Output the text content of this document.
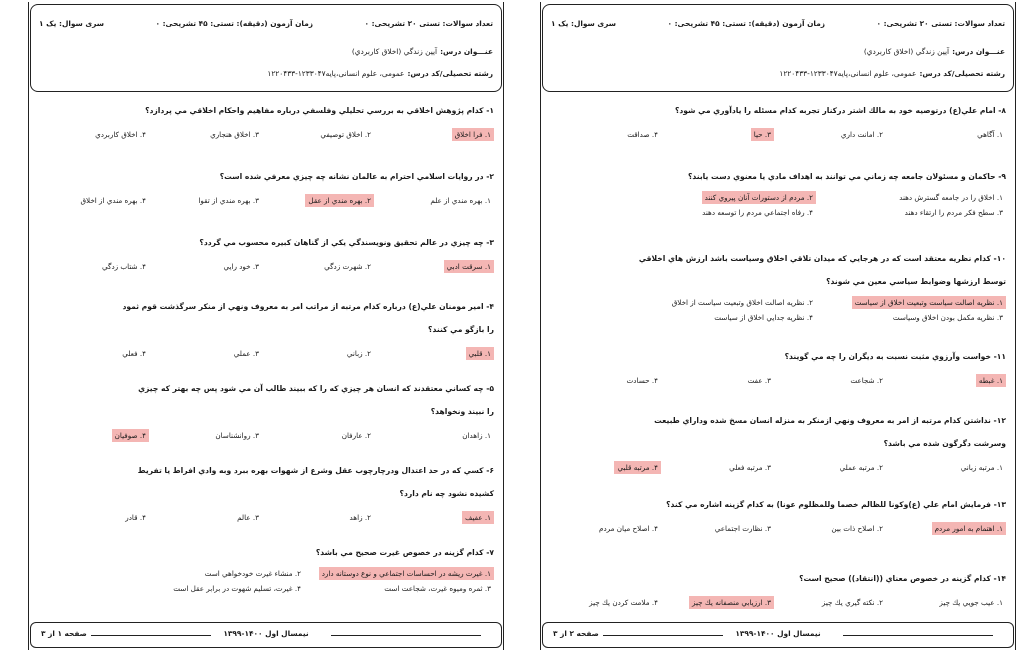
تعداد سوالات: تستی ۲۰ تشریحی: ۰
زمان آزمون (دقیقه): تستی: ۴۵ تشریحی: ۰
سری سوال: یک ۱
عنـــوان درس:
آيين زندگي (اخلاق كاربردي)
رشته تحصیلی/کد درس:
عمومی، علوم انسانی،پایه۱۲۳۳۰۴۷-۱۲۲۰۴۳۳
۱- كدام پژوهش اخلاقي به بررسي تحليلي وفلسفي درباره مفاهيم واحكام اخلاقي مي پردازد؟
۱. فرا اخلاق
۲. اخلاق توصيفي
۳. اخلاق هنجاري
۴. اخلاق كاربردي
۲- در روايات اسلامي احترام به عالمان نشانه چه چيزي معرفي شده است؟
۱. بهره مندي از علم
۲. بهره مندي از عقل
۳. بهره مندي از تقوا
۴. بهره مندي از اخلاق
۳- چه چيزي در عالم تحقيق ونويسندگي يكي از گناهان كبيره محسوب مي گردد؟
۱. سرقت ادبي
۲. شهرت زدگي
۳. خود رايي
۴. شتاب زدگي
۴- امير مومنان علي(ع) درباره كدام مرتبه از مراتب امر به معروف ونهي از منكر سرگذشت قوم ثمود
را بازگو مي كنند؟
۱. قلبي
۲. زباني
۳. عملي
۴. فعلي
۵- چه كساني معتقدند كه انسان هر چيزي كه را كه ببيند طالب آن مي شود پس چه بهتر كه چيزي
را نبيند ونخواهد؟
۱. زاهدان
۲. عارفان
۳. روانشناسان
۴. صوفيان
۶- كسي كه در حد اعتدال ودرچارچوب عقل وشرع از شهوات بهره ببرد وبه وادي افراط يا تفريط
كشيده نشود چه نام دارد؟
۱. عفيف
۲. زاهد
۳. عالم
۴. قادر
۷- كدام گزينه در خصوص غيرت صحيح مي باشد؟
۱. غيرت ريشه در احساسات اجتماعي و نوع دوستانه دارد
۲. منشاء غيرت خودخواهي است
۳. ثمره وميوه غيرت، شجاعت است
۴. غيرت، تسليم شهوت در برابر عقل است
نیمسال اول ۱۴۰۰-۱۳۹۹
صفحه ۱ از ۳
تعداد سوالات: تستی ۲۰ تشریحی: ۰
زمان آزمون (دقیقه): تستی: ۴۵ تشریحی: ۰
سری سوال: یک ۱
عنـــوان درس:
آيين زندگي (اخلاق كاربردي)
رشته تحصیلی/کد درس:
عمومی، علوم انسانی،پایه۱۲۳۳۰۴۷-۱۲۲۰۴۳۳
۸- امام علي(ع) درتوصيه خود به مالك اشتر دركنار تجربه كدام مسئله را يادآوري مي شود؟
۱. آگاهي
۲. امانت داري
۳. حيا
۴. صداقت
۹- حاكمان و مسئولان جامعه چه زماني مي توانند به اهداف مادي يا معنوي دست يابند؟
۱. اخلاق را در جامعه گسترش دهند
۲. مردم از دستورات آنان پيروي كنند
۳. سطح فكر مردم را ارتقاء دهند
۴. رفاه اجتماعي مردم را توسعه دهند
۱۰- كدام نظريه معتقد است كه در هرجايي كه ميدان تلاقي اخلاق وسياست باشد ارزش هاي اخلاقي
توسط ارزشها وضوابط سياسي معين مي شوند؟
۱. نظريه اصالت سياست وتبعيت اخلاق از سياست
۲. نظريه اصالت اخلاق وتبعيت سياست از اخلاق
۳. نظريه مكمل بودن اخلاق وسياست
۴. نظريه جدايي اخلاق از سياست
۱۱- خواست وآرزوي مثبت نسبت به ديگران را چه مي گويند؟
۱. غبطه
۲. شجاعت
۳. عفت
۴. حسادت
۱۲- نداشتن كدام مرتبه از امر به معروف ونهي ازمنكر به منزله انسان مسخ شده وداراي طبيعت
وسرشت دگرگون شده مي باشد؟
۱. مرتبه زباني
۲. مرتبه عملي
۳. مرتبه فعلي
۴. مرتبه قلبي
۱۳- فرمايش امام علي (ع)وكونا للظالم خصما وللمظلوم عونا) به كدام گزينه اشاره مي كند؟
۱. اهتمام به امور مردم
۲. اصلاح ذات بين
۳. نظارت اجتماعي
۴. اصلاح ميان مردم
۱۴- كدام گزينه در خصوص معناي ((انتقاد)) صحيح است؟
۱. عيب جويي يك چيز
۲. نكته گيري يك چيز
۳. ارزيابي منصفانه يك چيز
۴. ملامت كردن يك چيز
نیمسال اول ۱۴۰۰-۱۳۹۹
صفحه ۲ از ۳
